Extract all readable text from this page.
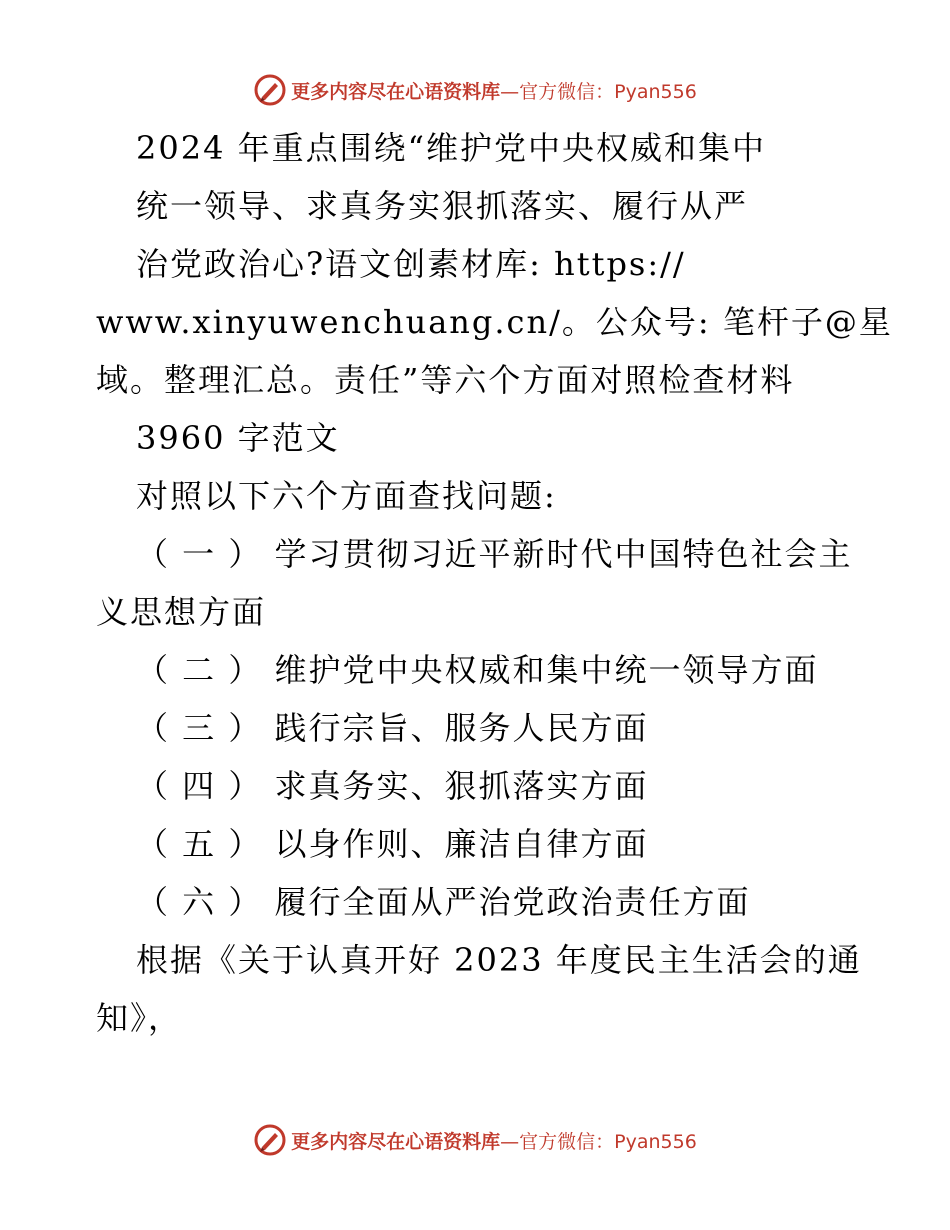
更多内容尽在心语资料库—官方微信：Pyan556
2024 年重点围绕“维护党中央权威和集中
统一领导、求真务实狠抓落实、履行从严
治党政治心?语文创素材库: https://
www.xinyuwenchuang.cn/。公众号: 笔杆子@星
域。整理汇总。责任”等六个方面对照检查材料
3960 字范文
对照以下六个方面查找问题:
（ 一 ） 学习贯彻习近平新时代中国特色社会主
义思想方面
（ 二 ） 维护党中央权威和集中统一领导方面
（ 三 ） 践行宗旨、服务人民方面
（ 四 ） 求真务实、狠抓落实方面
（ 五 ） 以身作则、廉洁自律方面
（ 六 ） 履行全面从严治党政治责任方面
根据《关于认真开好 2023 年度民主生活会的通
知》，
更多内容尽在心语资料库—官方微信：Pyan556
